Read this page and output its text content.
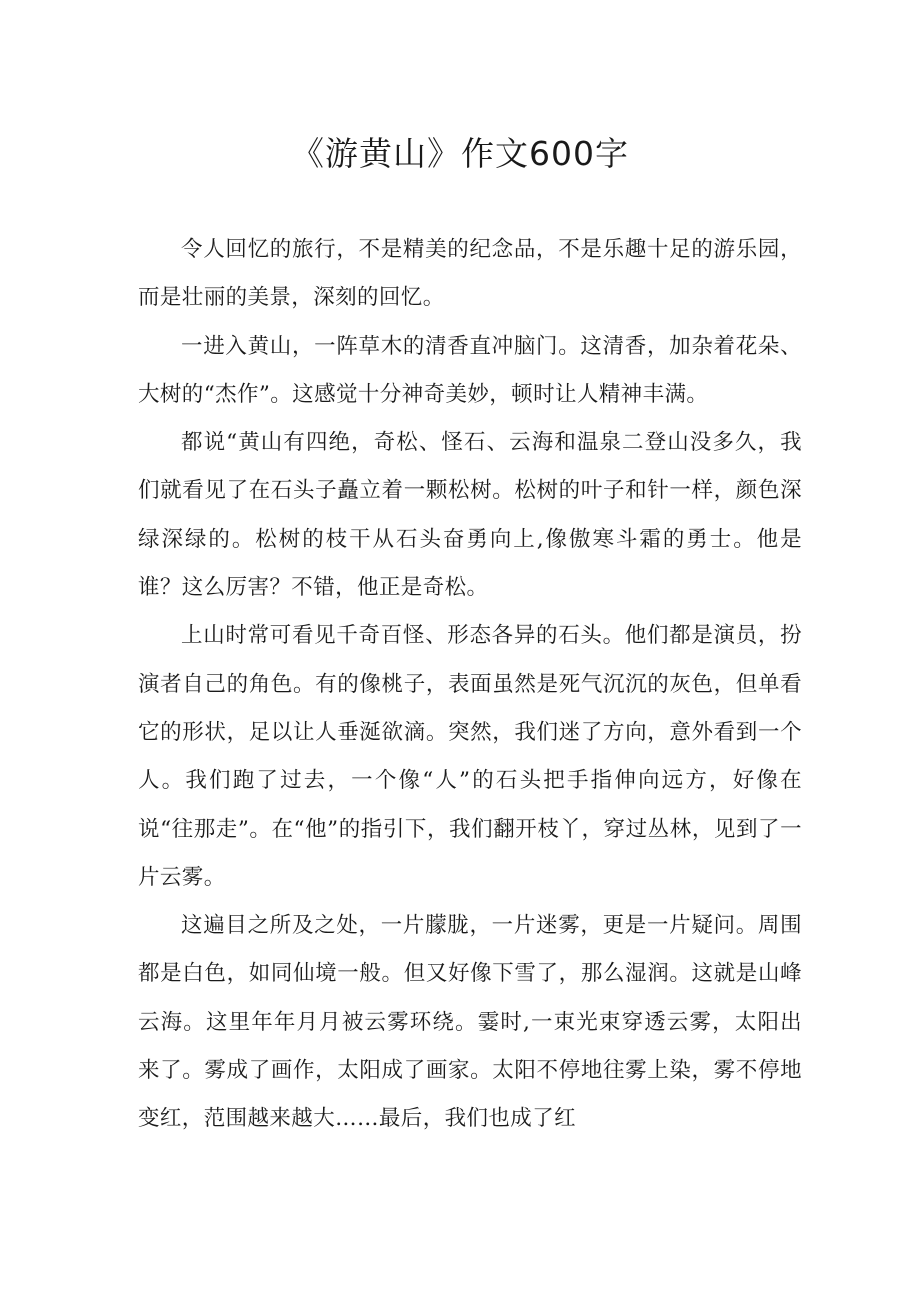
《游黄山》作文600字

令人回忆的旅行，不是精美的纪念品，不是乐趣十足的游乐园，而是壮丽的美景，深刻的回忆。

一进入黄山，一阵草木的清香直冲脑门。这清香，加杂着花朵、大树的“杰作”。这感觉十分神奇美妙，顿时让人精神丰满。

都说“黄山有四绝，奇松、怪石、云海和温泉二登山没多久，我们就看见了在石头子矗立着一颗松树。松树的叶子和针一样，颜色深绿深绿的。松树的枝干从石头奋勇向上,像傲寒斗霜的勇士。他是谁？这么厉害？不错，他正是奇松。

上山时常可看见千奇百怪、形态各异的石头。他们都是演员，扮演者自己的角色。有的像桃子，表面虽然是死气沉沉的灰色，但单看它的形状，足以让人垂涎欲滴。突然，我们迷了方向，意外看到一个人。我们跑了过去，一个像“人”的石头把手指伸向远方，好像在说“往那走”。在“他”的指引下，我们翻开枝丫，穿过丛林，见到了一片云雾。

这遍目之所及之处，一片朦胧，一片迷雾，更是一片疑问。周围都是白色，如同仙境一般。但又好像下雪了，那么湿润。这就是山峰云海。这里年年月月被云雾环绕。霎时,一束光束穿透云雾，太阳出来了。雾成了画作，太阳成了画家。太阳不停地往雾上染，雾不停地变红，范围越来越大……最后，我们也成了红
